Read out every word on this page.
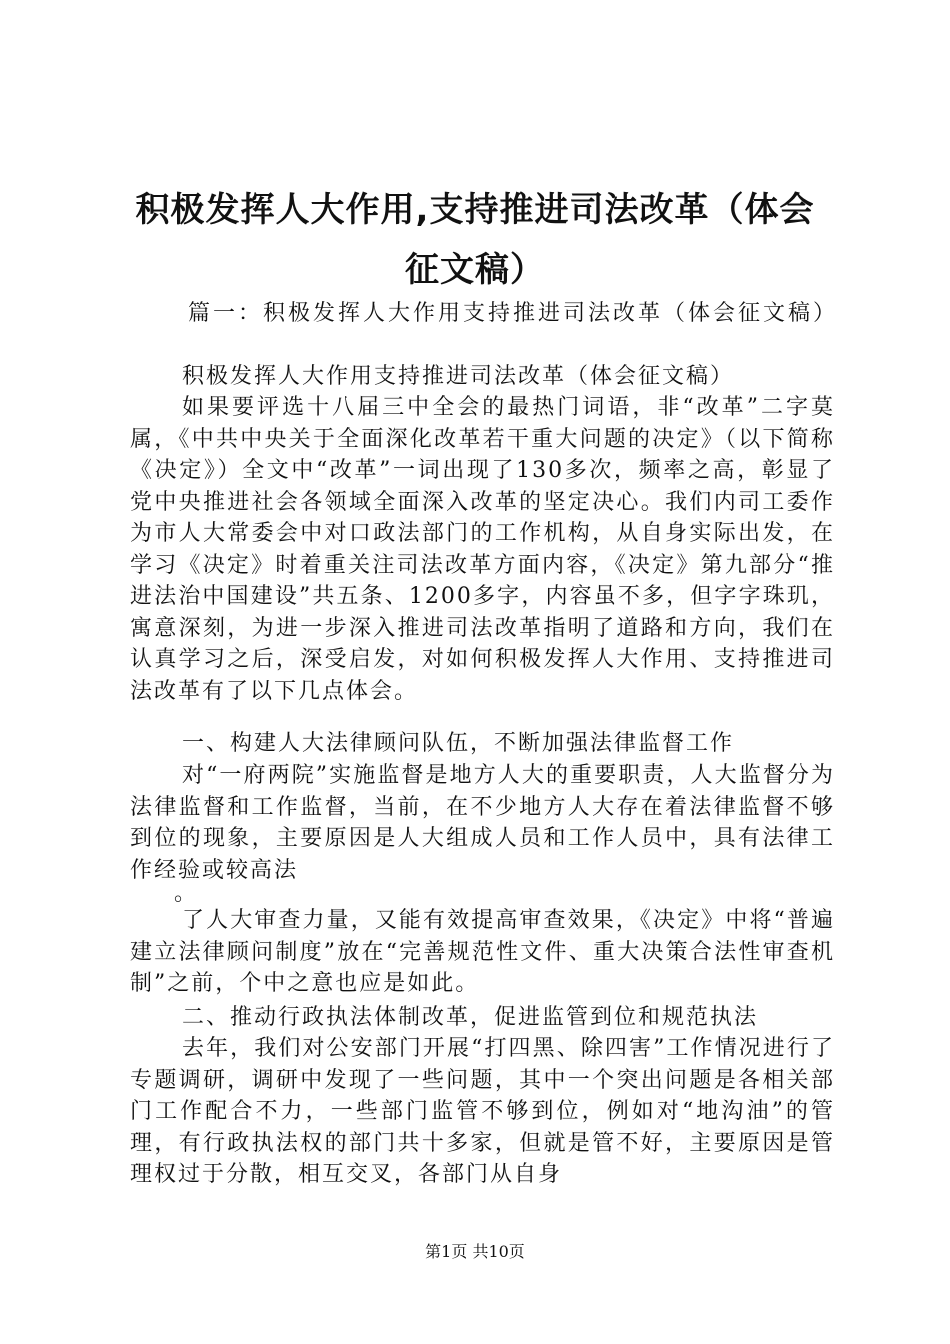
积极发挥人大作用,支持推进司法改革（体会
征文稿）

篇一：积极发挥人大作用支持推进司法改革（体会征文稿）

积极发挥人大作用支持推进司法改革（体会征文稿）

如果要评选十八届三中全会的最热门词语，非“改革”二字莫属，《中共中央关于全面深化改革若干重大问题的决定》（以下简称《决定》）全文中“改革”一词出现了130多次，频率之高，彰显了党中央推进社会各领域全面深入改革的坚定决心。我们内司工委作为市人大常委会中对口政法部门的工作机构，从自身实际出发，在学习《决定》时着重关注司法改革方面内容，《决定》第九部分“推进法治中国建设”共五条、1200多字，内容虽不多，但字字珠玑，寓意深刻，为进一步深入推进司法改革指明了道路和方向，我们在认真学习之后，深受启发，对如何积极发挥人大作用、支持推进司法改革有了以下几点体会。

一、构建人大法律顾问队伍，不断加强法律监督工作

对“一府两院”实施监督是地方人大的重要职责，人大监督分为法律监督和工作监督，当前，在不少地方人大存在着法律监督不够到位的现象，主要原因是人大组成人员和工作人员中，具有法律工作经验或较高法

。

了人大审查力量，又能有效提高审查效果，《决定》中将“普遍建立法律顾问制度”放在“完善规范性文件、重大决策合法性审查机制”之前，个中之意也应是如此。

二、推动行政执法体制改革，促进监管到位和规范执法

去年，我们对公安部门开展“打四黑、除四害”工作情况进行了专题调研，调研中发现了一些问题，其中一个突出问题是各相关部门工作配合不力，一些部门监管不够到位，例如对“地沟油”的管理，有行政执法权的部门共十多家，但就是管不好，主要原因是管理权过于分散，相互交叉，各部门从自身

第1页 共10页
